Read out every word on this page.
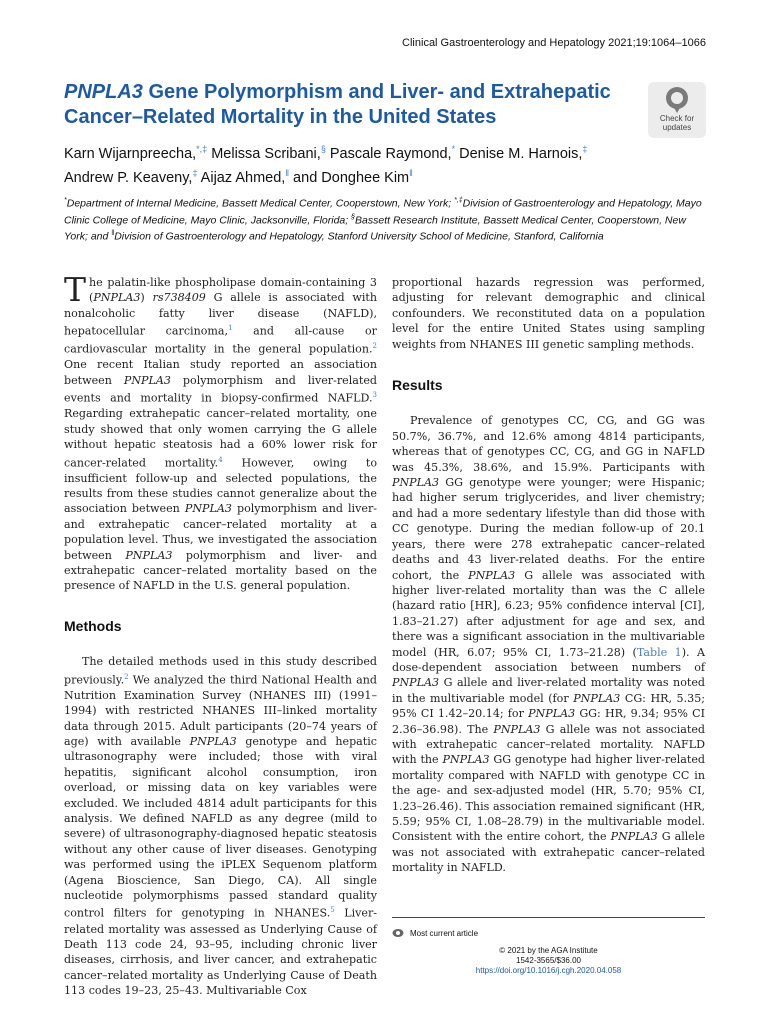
Clinical Gastroenterology and Hepatology 2021;19:1064–1066
PNPLA3 Gene Polymorphism and Liver- and Extrahepatic Cancer–Related Mortality in the United States	Check for
updates
Karn Wijarnpreecha,*,‡ Melissa Scribani,§ Pascale Raymond,* Denise M. Harnois,‡
Andrew P. Keaveny,‡ Aijaz Ahmed,‖ and Donghee Kim‖
*Department of Internal Medicine, Bassett Medical Center, Cooperstown, New York; *,‡Division of Gastroenterology and Hepatology, Mayo Clinic College of Medicine, Mayo Clinic, Jacksonville, Florida; §Bassett Research Institute, Bassett Medical Center, Cooperstown, New York; and ‖Division of Gastroenterology and Hepatology, Stanford University School of Medicine, Stanford, California

The palatin-like phospholipase domain-containing 3 (PNPLA3) rs738409 G allele is associated with nonalcoholic fatty liver disease (NAFLD), hepatocellular carcinoma,$^1$ and all-cause or cardiovascular mortality in the general population.$^2$ One recent Italian study reported an association between PNPLA3 polymorphism and liver-related events and mortality in biopsy-confirmed NAFLD.$^3$ Regarding extrahepatic cancer–related mortality, one study showed that only women carrying the G allele without hepatic steatosis had a 60% lower risk for cancer-related mortality.$^4$ However, owing to insufficient follow-up and selected populations, the results from these studies cannot generalize about the association between PNPLA3 polymorphism and liver- and extrahepatic cancer–related mortality at a population level. Thus, we investigated the association between PNPLA3 polymorphism and liver- and extrahepatic cancer–related mortality based on the presence of NAFLD in the U.S. general population.

Methods

The detailed methods used in this study described previously.$^2$ We analyzed the third National Health and Nutrition Examination Survey (NHANES III) (1991–1994) with restricted NHANES III–linked mortality data through 2015. Adult participants (20–74 years of age) with available PNPLA3 genotype and hepatic ultrasonography were included; those with viral hepatitis, significant alcohol consumption, iron overload, or missing data on key variables were excluded. We included 4814 adult participants for this analysis. We defined NAFLD as any degree (mild to severe) of ultrasonography-diagnosed hepatic steatosis without any other cause of liver diseases. Genotyping was performed using the iPLEX Sequenom platform (Agena Bioscience, San Diego, CA). All single nucleotide polymorphisms passed standard quality control filters for genotyping in NHANES.$^5$ Liver-related mortality was assessed as Underlying Cause of Death 113 code 24, 93–95, including chronic liver diseases, cirrhosis, and liver cancer, and extrahepatic cancer–related mortality as Underlying Cause of Death 113 codes 19–23, 25–43. Multivariable Cox

proportional hazards regression was performed, adjusting for relevant demographic and clinical confounders. We reconstituted data on a population level for the entire United States using sampling weights from NHANES III genetic sampling methods.

Results

Prevalence of genotypes CC, CG, and GG was 50.7%, 36.7%, and 12.6% among 4814 participants, whereas that of genotypes CC, CG, and GG in NAFLD was 45.3%, 38.6%, and 15.9%. Participants with PNPLA3 GG genotype were younger; were Hispanic; had higher serum triglycerides, and liver chemistry; and had a more sedentary lifestyle than did those with CC genotype. During the median follow-up of 20.1 years, there were 278 extrahepatic cancer–related deaths and 43 liver-related deaths. For the entire cohort, the PNPLA3 G allele was associated with higher liver-related mortality than was the C allele (hazard ratio [HR], 6.23; 95% confidence interval [CI], 1.83–21.27) after adjustment for age and sex, and there was a significant association in the multivariable model (HR, 6.07; 95% CI, 1.73–21.28) (Table 1). A dose-dependent association between numbers of PNPLA3 G allele and liver-related mortality was noted in the multivariable model (for PNPLA3 CG: HR, 5.35; 95% CI 1.42–20.14; for PNPLA3 GG: HR, 9.34; 95% CI 2.36–36.98). The PNPLA3 G allele was not associated with extrahepatic cancer–related mortality. NAFLD with the PNPLA3 GG genotype had higher liver-related mortality compared with NAFLD with genotype CC in the age- and sex-adjusted model (HR, 5.70; 95% CI, 1.23–26.46). This association remained significant (HR, 5.59; 95% CI, 1.08–28.79) in the multivariable model. Consistent with the entire cohort, the PNPLA3 G allele was not associated with extrahepatic cancer–related mortality in NAFLD.

Most current article
© 2021 by the AGA Institute
1542-3565/$36.00
https://doi.org/10.1016/j.cgh.2020.04.058
